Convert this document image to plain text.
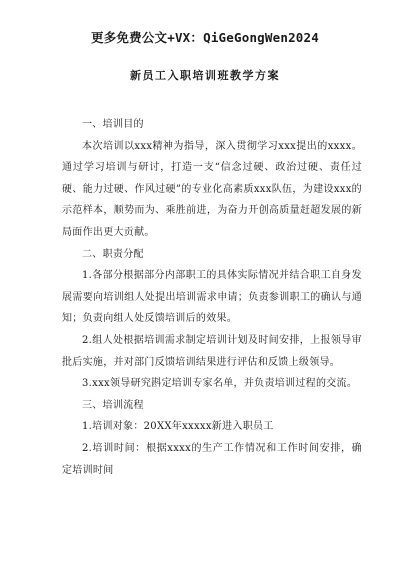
更多免费公文+VX：QiGeGongWen2024
新员工入职培训班教学方案

一、培训目的

本次培训以xxx精神为指导，深入贯彻学习xxx提出的xxxx。通过学习培训与研讨，打造一支“信念过硬、政治过硬、责任过硬、能力过硬、作风过硬”的专业化高素质xxx队伍，为建设xxx的示范样本，顺势而为、乘胜前进，为奋力开创高质量赶超发展的新局面作出更大贡献。

二、职责分配

1.各部分根据部分内部职工的具体实际情况并结合职工自身发展需要向培训组人处提出培训需求申请；负责参训职工的确认与通知；负责向组人处反馈培训后的效果。

2.组人处根据培训需求制定培训计划及时间安排，上报领导审批后实施，并对部门反馈培训结果进行评估和反馈上级领导。

3.xxx领导研究斟定培训专家名单，并负责培训过程的交流。

三、培训流程

1.培训对象：20XX年xxxxx新进入职员工

2.培训时间：根据xxxx的生产工作情况和工作时间安排，确定培训时间
